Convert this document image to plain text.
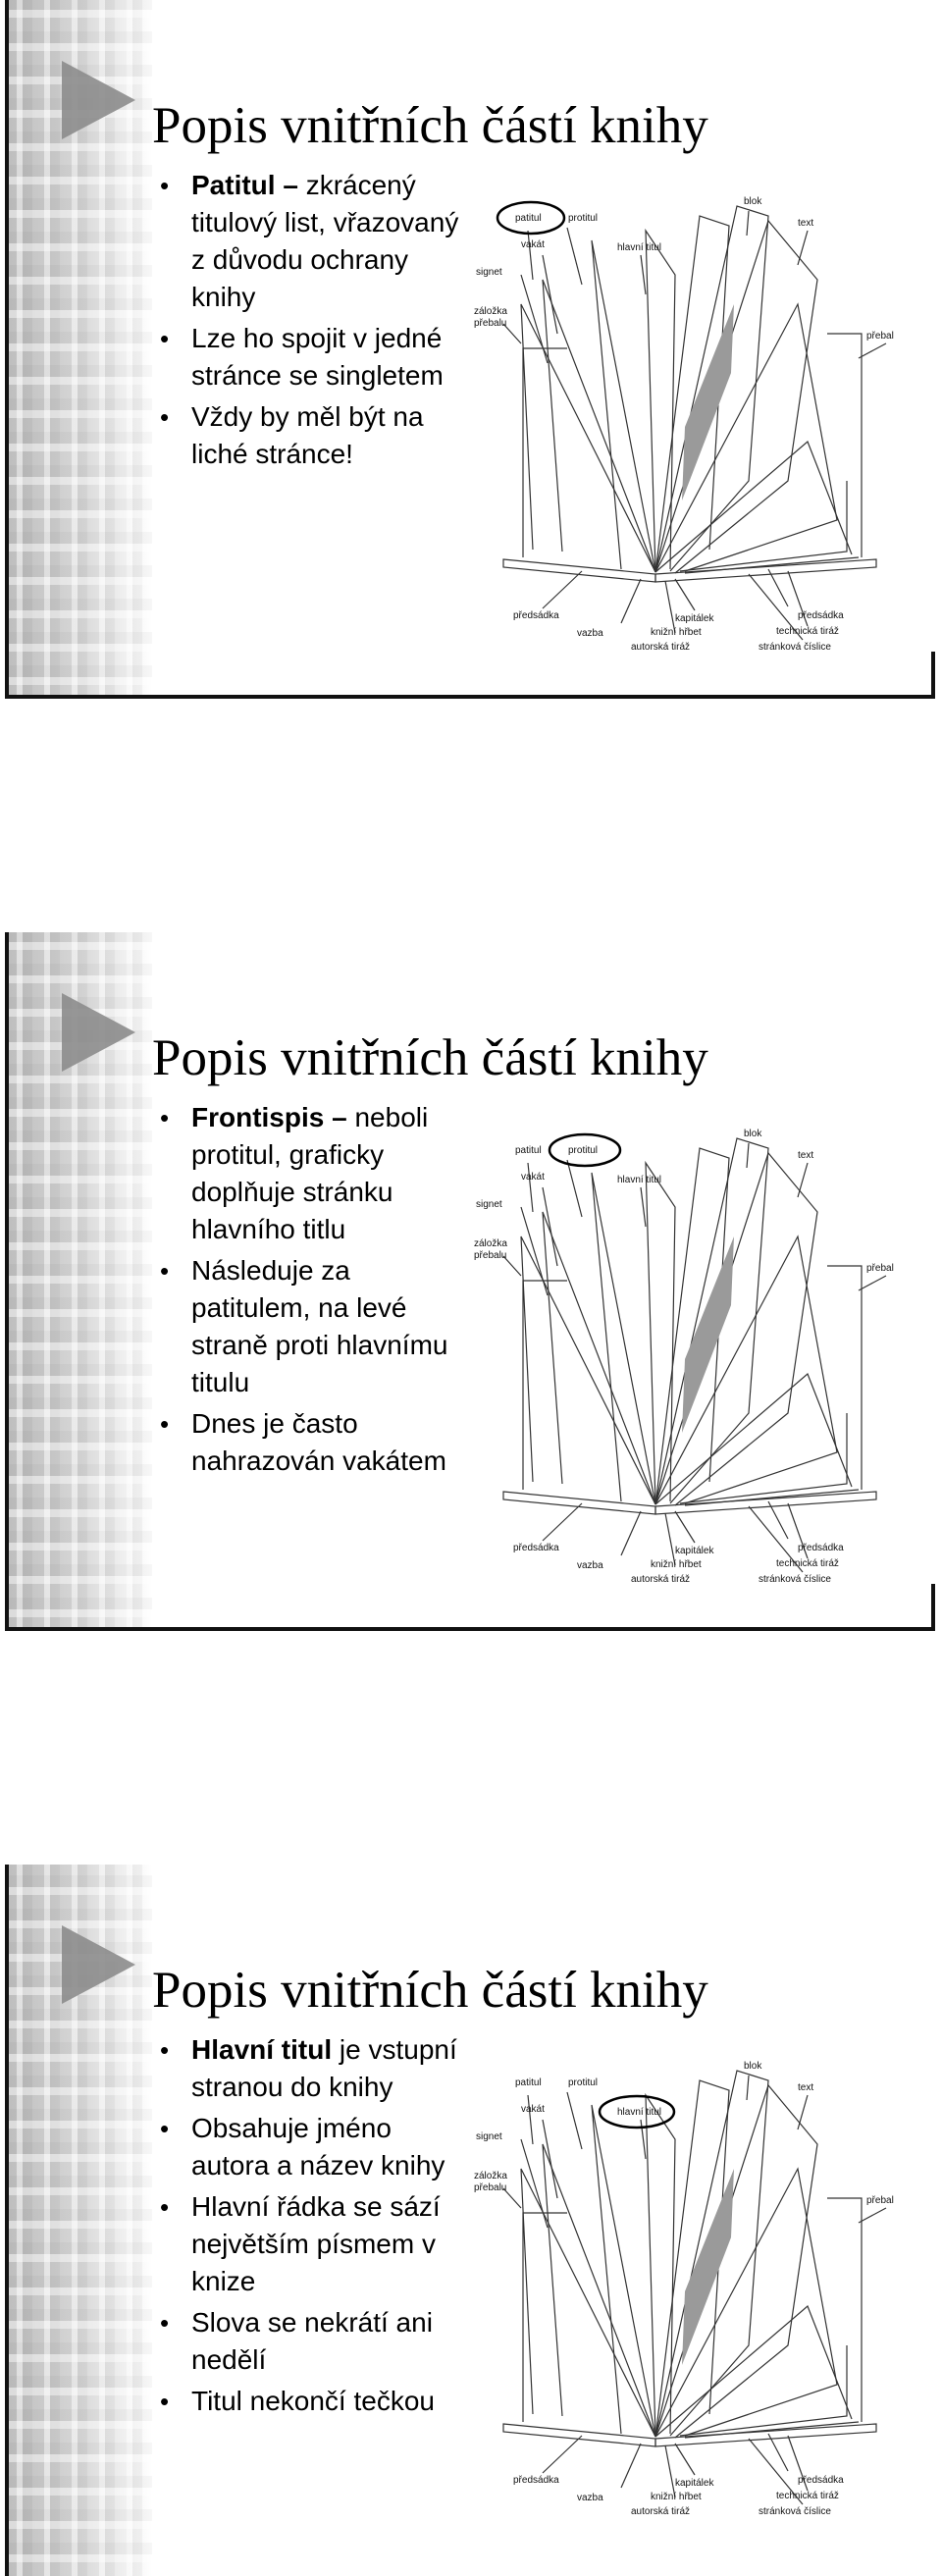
Popis vnitřních částí knihy
• Patitul – zkrácený titulový list, vřazovaný z důvodu ochrany knihy
• Lze ho spojit v jedné stránce se singletem
• Vždy by měl být na liché stránce!
patitul	protitul
blok
vakát
signet
hlavní titul
text
záložka
přebalu
přebal
předsádka
vazba
kapitálek
knižní hřbet
autorská tiráž
předsádka
technická tiráž
stránková číslice
Popis vnitřních částí knihy
• Frontispis – neboli protitul, graficky doplňuje stránku hlavního titlu
• Následuje za patitulem, na levé straně proti hlavnímu titulu
• Dnes je často nahrazován vakátem
patitul	protitul
blok
vakát
signet
hlavní titul
text
záložka
přebalu
přebal
předsádka
vazba
kapitálek
knižní hřbet
autorská tiráž
předsádka
technická tiráž
stránková číslice
Popis vnitřních částí knihy
• Hlavní titul je vstupní stranou do knihy
• Obsahuje jméno autora a název knihy
• Hlavní řádka se sází největším písmem v knize
• Slova se nekrátí ani nedělí
• Titul nekončí tečkou
patitul	protitul
blok
vakát
signet
hlavní titul
text
záložka
přebalu
přebal
předsádka
vazba
kapitálek
knižní hřbet
autorská tiráž
předsádka
technická tiráž
stránková číslice
